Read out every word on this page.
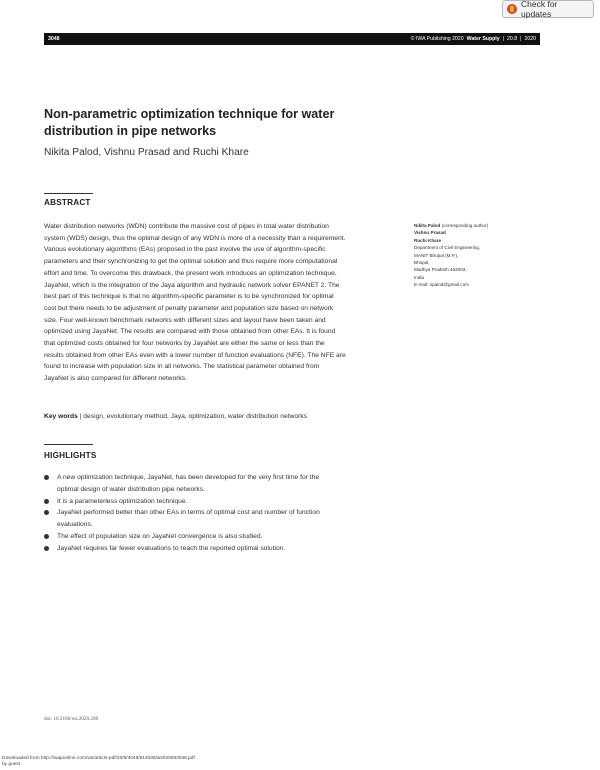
Check for updates
3048	© IWA Publishing 2020 Water Supply | 20.8 | 2020
Non-parametric optimization technique for water
distribution in pipe networks
Nikita Palod, Vishnu Prasad and Ruchi Khare
ABSTRACT
Water distribution networks (WDN) contribute the massive cost of pipes in total water distribution
system (WDS) design, thus the optimal design of any WDN is more of a necessity than a requirement.
Various evolutionary algorithms (EAs) proposed in the past involve the use of algorithm-specific
parameters and their synchronizing to get the optimal solution and thus require more computational
effort and time. To overcome this drawback, the present work introduces an optimization technique,
JayaNet, which is the integration of the Jaya algorithm and hydraulic network solver EPANET 2. The
best part of this technique is that no algorithm-specific parameter is to be synchronized for optimal
cost but there needs to be adjustment of penalty parameter and population size based on network
size. Four well-known benchmark networks with different sizes and layout have been taken and
optimized using JayaNet. The results are compared with those obtained from other EAs. It is found
that optimized costs obtained for four networks by JayaNet are either the same or less than the
results obtained from other EAs even with a lower number of function evaluations (NFE). The NFE are
found to increase with population size in all networks. The statistical parameter obtained from
JayaNet is also compared for different networks.
Key words | design, evolutionary method, Jaya, optimization, water distribution networks
Nikita Palod (corresponding author)
Vishnu Prasad
Ruchi Khare
Department of Civil Engineering,
MANIT Bhopal (M.P.),
Bhopal,
Madhya Pradesh 462003,
India
E-mail: npalod@gmail.com
HIGHLIGHTS
A new optimization technique, JayaNet, has been developed for the very first time for the
optimal design of water distribution pipe networks.
It is a parameterless optimization technique.
JayaNet performed better than other EAs in terms of optimal cost and number of function
evaluations.
The effect of population size on JayaNet convergence is also studied.
JayaNet requires far fewer evaluations to reach the reported optimal solution.
doi: 10.2166/ws.2020.200
Downloaded from http://iwaponline.com/ws/article-pdf/20/8/3048/814036/ws020083048.pdf
by guest
